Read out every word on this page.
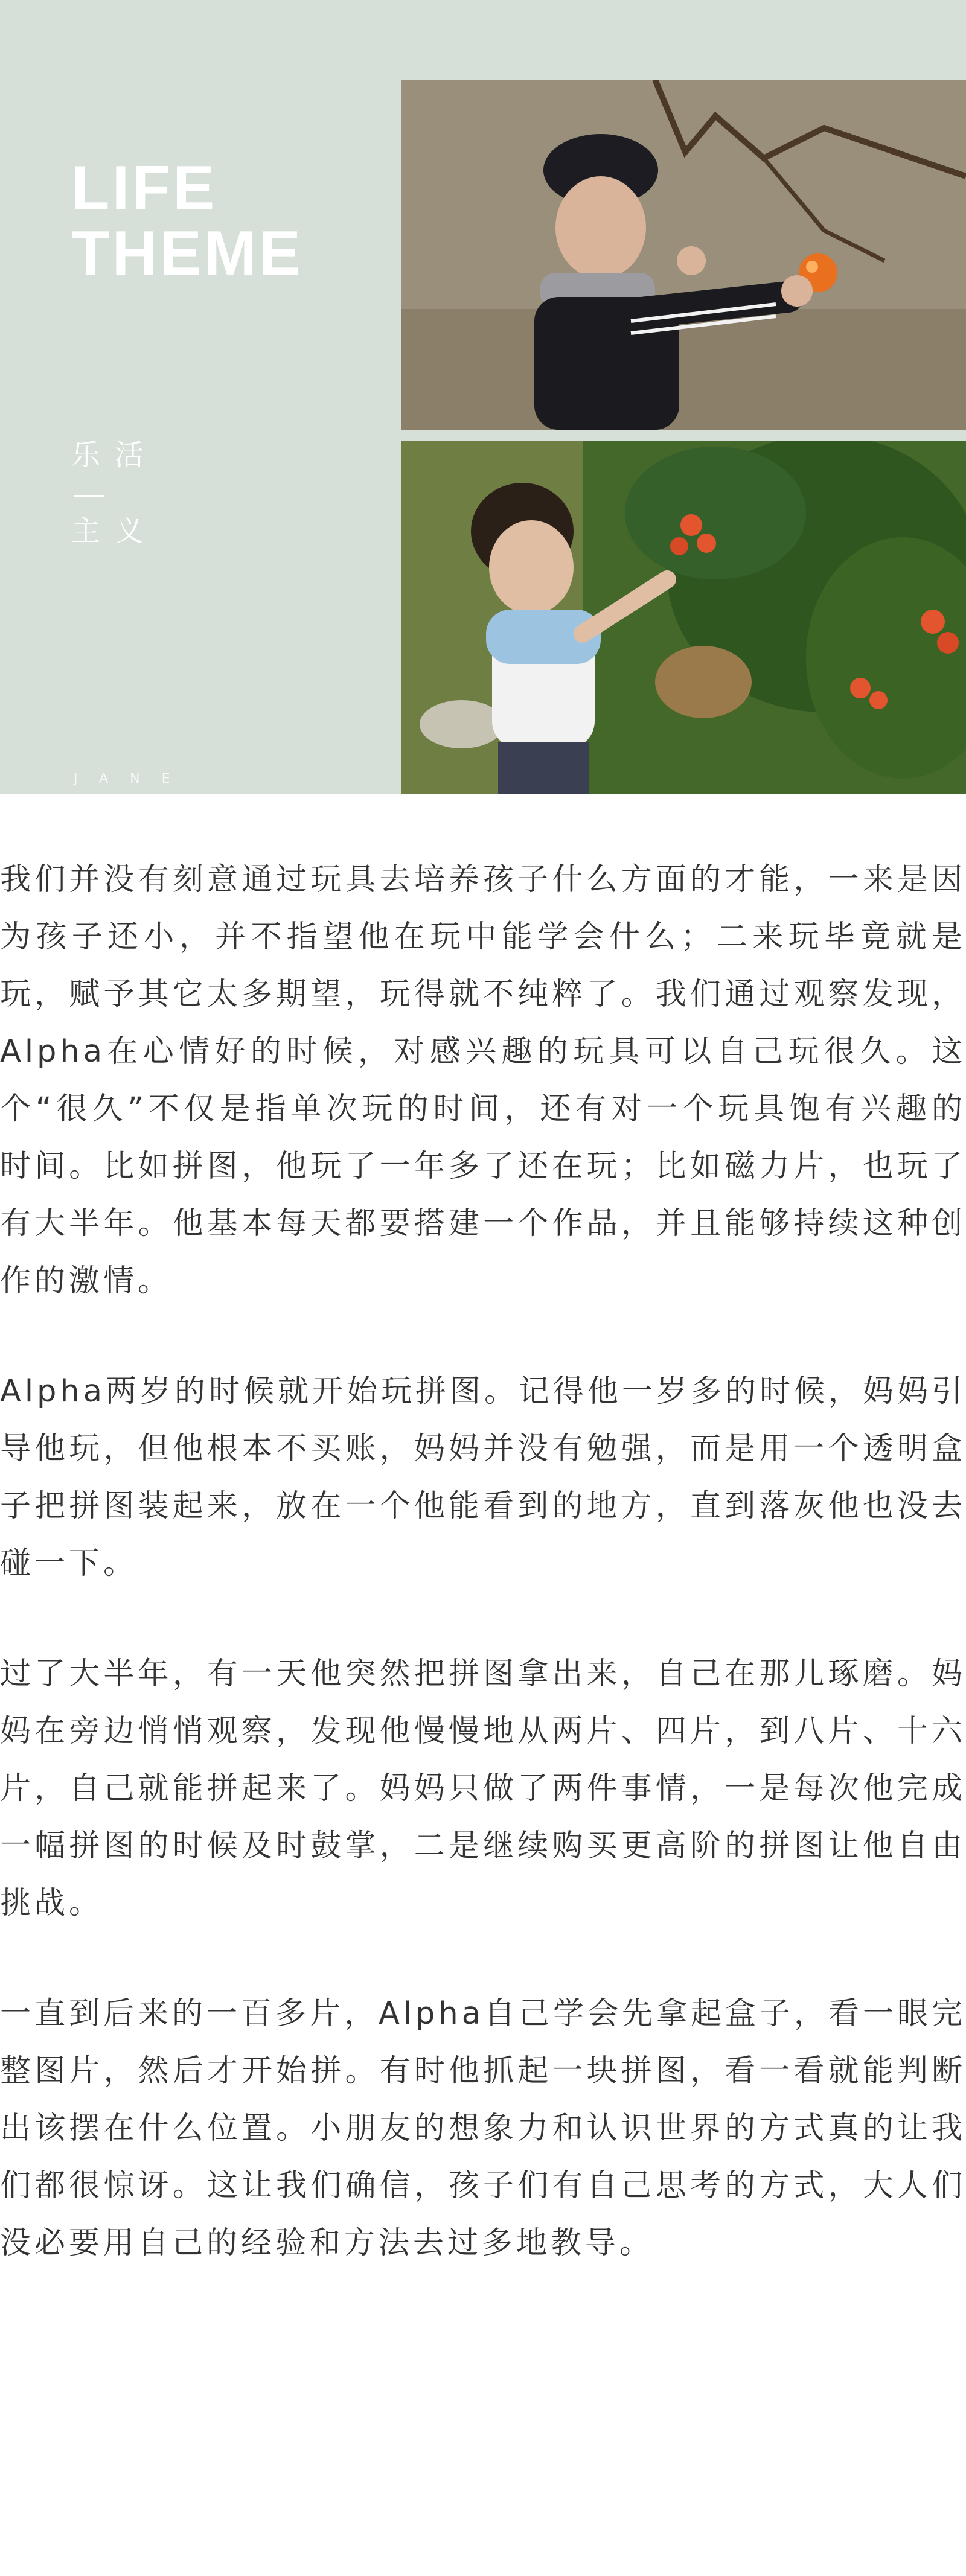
LIFE
THEME
乐活
主义
JANE

我们并没有刻意通过玩具去培养孩子什么方面的才能，一来是因为孩子还小，并不指望他在玩中能学会什么；二来玩毕竟就是玩，赋予其它太多期望，玩得就不纯粹了。我们通过观察发现，Alpha在心情好的时候，对感兴趣的玩具可以自己玩很久。这个“很久”不仅是指单次玩的时间，还有对一个玩具饱有兴趣的时间。比如拼图，他玩了一年多了还在玩；比如磁力片，也玩了有大半年。他基本每天都要搭建一个作品，并且能够持续这种创作的激情。

Alpha两岁的时候就开始玩拼图。记得他一岁多的时候，妈妈引导他玩，但他根本不买账，妈妈并没有勉强，而是用一个透明盒子把拼图装起来，放在一个他能看到的地方，直到落灰他也没去碰一下。

过了大半年，有一天他突然把拼图拿出来，自己在那儿琢磨。妈妈在旁边悄悄观察，发现他慢慢地从两片、四片，到八片、十六片，自己就能拼起来了。妈妈只做了两件事情，一是每次他完成一幅拼图的时候及时鼓掌，二是继续购买更高阶的拼图让他自由挑战。

一直到后来的一百多片，Alpha自己学会先拿起盒子，看一眼完整图片，然后才开始拼。有时他抓起一块拼图，看一看就能判断出该摆在什么位置。小朋友的想象力和认识世界的方式真的让我们都很惊讶。这让我们确信，孩子们有自己思考的方式，大人们没必要用自己的经验和方法去过多地教导。
